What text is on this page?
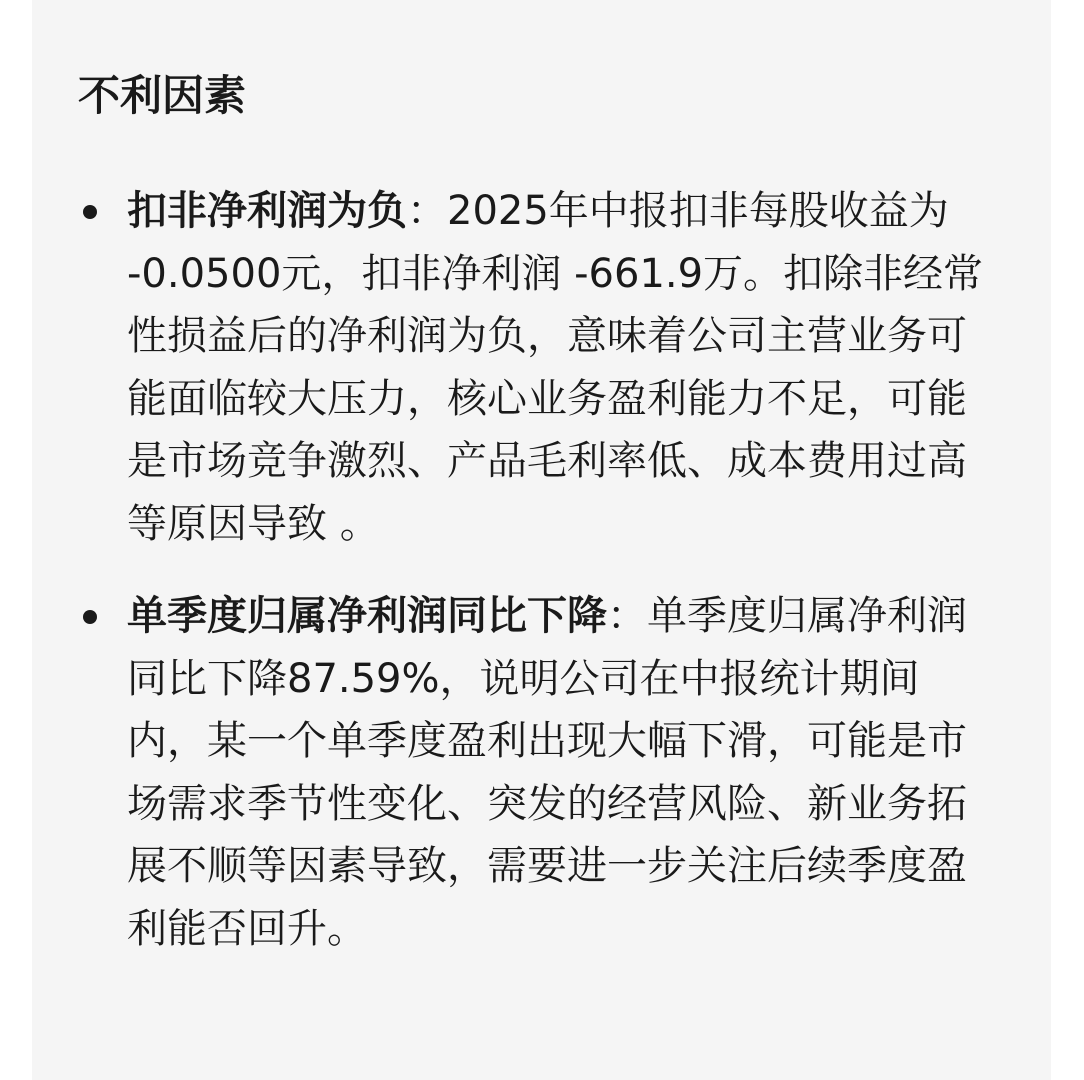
不利因素
扣非净利润为负：2025年中报扣非每股收益为 -0.0500元，扣非净利润 -661.9万。扣除非经常性损益后的净利润为负，意味着公司主营业务可能面临较大压力，核心业务盈利能力不足，可能是市场竞争激烈、产品毛利率低、成本费用过高等原因导致 。
单季度归属净利润同比下降：单季度归属净利润同比下降87.59%，说明公司在中报统计期间内，某一个单季度盈利出现大幅下滑，可能是市场需求季节性变化、突发的经营风险、新业务拓展不顺等因素导致，需要进一步关注后续季度盈利能否回升。
